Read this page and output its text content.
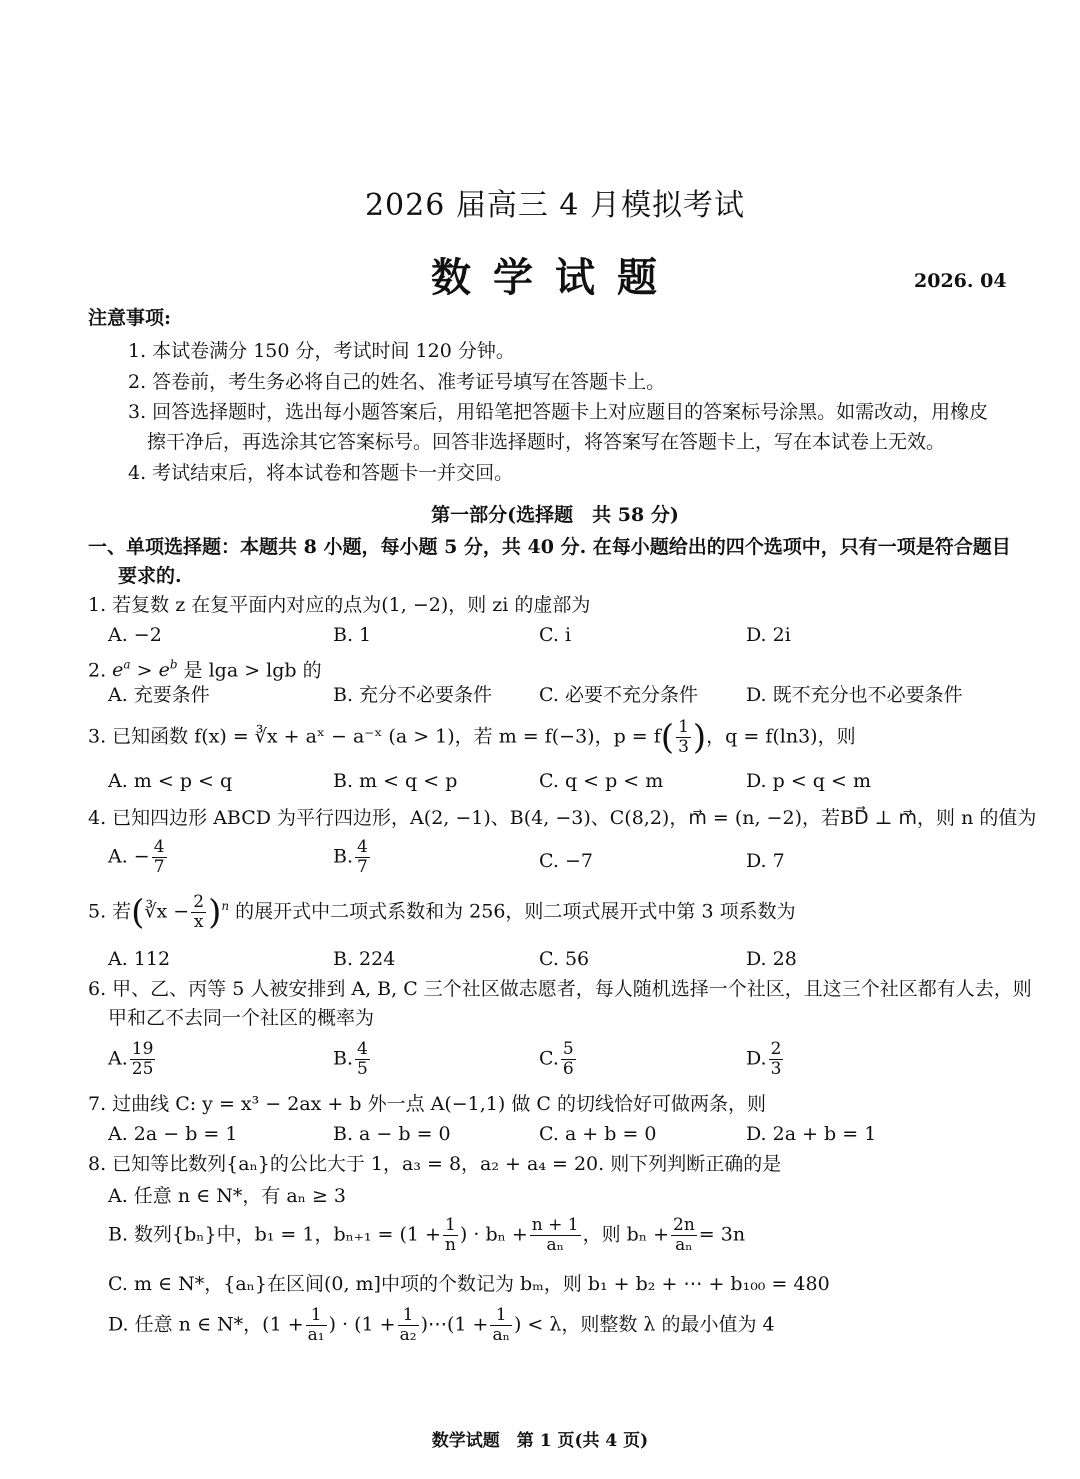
2026 届高三 4 月模拟考试
数学试题	2026. 04
注意事项:
1. 本试卷满分 150 分，考试时间 120 分钟。
2. 答卷前，考生务必将自己的姓名、准考证号填写在答题卡上。
3. 回答选择题时，选出每小题答案后，用铅笔把答题卡上对应题目的答案标号涂黑。如需改动，用橡皮
擦干净后，再选涂其它答案标号。回答非选择题时，将答案写在答题卡上，写在本试卷上无效。
4. 考试结束后，将本试卷和答题卡一并交回。
第一部分(选择题　共 58 分)
一、单项选择题：本题共 8 小题，每小题 5 分，共 40 分. 在每小题给出的四个选项中，只有一项是符合题目
要求的.
1. 若复数 z 在复平面内对应的点为(1, −2)，则 zi 的虚部为
A. −2	B. 1	C. i	D. 2i
2. $e^a > e^b$ 是 lga > lgb 的
A. 充要条件	B. 充分不必要条件 C. 必要不充分条件	D. 既不充分也不必要条件
3. 已知函数 f(x) = ∛x + aˣ − a⁻ˣ (a > 1)，若 m = f(−3)，$p = f( \frac{1}{3}$ )，q = f(ln3)，则
A. m < p < q	B. m < q < p	C. q < p < m	D. p < q < m
4. 已知四边形 ABCD 为平行四边形，A(2, −1)、B(4, −3)、C(8,2)，m⃗ = (n, −2)，若BD⃗ ⊥ m⃗，则 n 的值为
A. − $\frac{4}{7}$	B. $\frac{4}{7}$	C. −7	D. 7
5. 若(∛x − $\frac{2}{x} )^n$ 的展开式中二项式系数和为 256，则二项式展开式中第 3 项系数为
A. 112	B. 224	C. 56	D. 28
6. 甲、乙、丙等 5 人被安排到 A, B, C 三个社区做志愿者，每人随机选择一个社区，且这三个社区都有人去，则
甲和乙不去同一个社区的概率为
A. $\frac{19}{25}$	B. $\frac{4}{5}$	C. $\frac{5}{6}$	D. $\frac{2}{3}$
7. 过曲线 C: y = x³ − 2ax + b 外一点 A(−1,1) 做 C 的切线恰好可做两条，则
A. 2a − b = 1	B. a − b = 0	C. a + b = 0	D. 2a + b = 1
8. 已知等比数列{aₙ}的公比大于 1，a₃ = 8，a₂ + a₄ = 20. 则下列判断正确的是
A. 任意 n ∈ N*，有 aₙ ≥ 3
B. 数列{bₙ}中，b₁ = 1，$b_{n+1} = (1 + \frac{1}{n}$ ) · $b_n + \frac{n + 1}{\text{aₙ}}$ ，则 $b_n + \frac{2n}{\text{aₙ}} = 3n$
C. m ∈ N*，{aₙ}在区间(0, m]中项的个数记为 bₘ，则 b₁ + b₂ + ⋯ + b₁₀₀ = 480
D. 任意 n ∈ N*，($1 + \frac{1}{\text{a₁}}$ ) · ($1 + \frac{1}{\text{a₂}}$ )⋯(1 + $\frac{1}{\text{aₙ}}$ ) < λ，则整数 λ 的最小值为 4
数学试题　第 1 页(共 4 页)
